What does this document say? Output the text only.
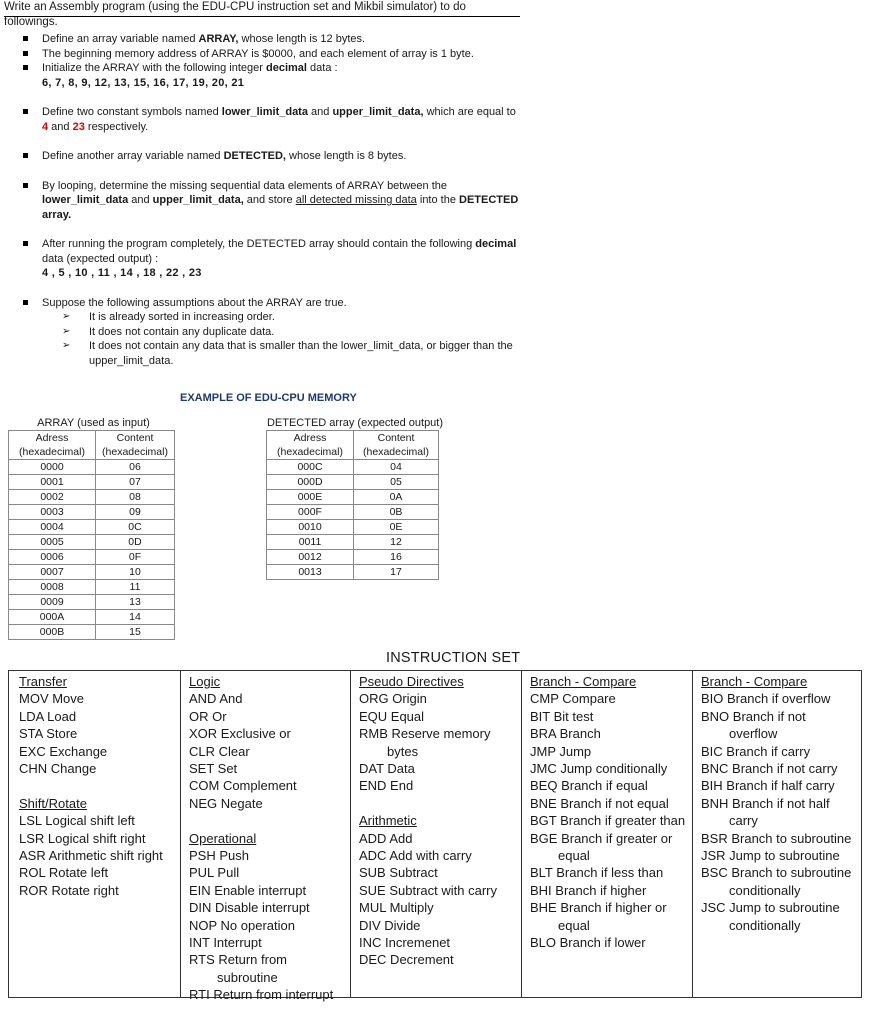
Write an Assembly program (using the EDU-CPU instruction set and Mikbil simulator) to do followings.
Define an array variable named ARRAY, whose length is 12 bytes.
The beginning memory address of ARRAY is $0000, and each element of array is 1 byte.
Initialize the ARRAY with the following integer decimal data :
6, 7, 8, 9, 12, 13, 15, 16, 17, 19, 20, 21
Define two constant symbols named lower_limit_data and upper_limit_data, which are equal to
4 and 23 respectively.
Define another array variable named DETECTED, whose length is 8 bytes.
By looping, determine the missing sequential data elements of ARRAY between the
lower_limit_data and upper_limit_data, and store all detected missing data into the DETECTED
array.
After running the program completely, the DETECTED array should contain the following decimal
data (expected output) :
4 , 5 , 10 , 11 , 14 , 18 , 22 , 23
Suppose the following assumptions about the ARRAY are true.
➢ It is already sorted in increasing order.
➢ It does not contain any duplicate data.
➢ It does not contain any data that is smaller than the lower_limit_data, or bigger than the
upper_limit_data.
EXAMPLE OF EDU-CPU MEMORY
ARRAY (used as input)
Adress	Content
(hexadecimal)	(hexadecimal)
0000	06
0001	07
0002	08
0003	09
0004	0C
0005	0D
0006	0F
0007	10
0008	11
0009	13
000A	14
000B	15
DETECTED array (expected output)
Adress	Content
(hexadecimal)	(hexadecimal)
000C	04
000D	05
000E	0A
000F	0B
0010	0E
0011	12
0012	16
0013	17
INSTRUCTION SET
Transfer
MOV Move
LDA Load
STA Store
EXC Exchange
CHN Change
Shift/Rotate
LSL Logical shift left
LSR Logical shift right
ASR Arithmetic shift right
ROL Rotate left
ROR Rotate right
Logic
AND And
OR Or
XOR Exclusive or
CLR Clear
SET Set
COM Complement
NEG Negate
Operational
PSH Push
PUL Pull
EIN Enable interrupt
DIN Disable interrupt
NOP No operation
INT Interrupt
RTS Return from
subroutine
RTI Return from interrupt
Pseudo Directives
ORG Origin
EQU Equal
RMB Reserve memory
bytes
DAT Data
END End
Arithmetic
ADD Add
ADC Add with carry
SUB Subtract
SUE Subtract with carry
MUL Multiply
DIV Divide
INC Incremenet
DEC Decrement
Branch - Compare
CMP Compare
BIT Bit test
BRA Branch
JMP Jump
JMC Jump conditionally
BEQ Branch if equal
BNE Branch if not equal
BGT Branch if greater than
BGE Branch if greater or
equal
BLT Branch if less than
BHI Branch if higher
BHE Branch if higher or
equal
BLO Branch if lower
Branch - Compare
BIO Branch if overflow
BNO Branch if not
overflow
BIC Branch if carry
BNC Branch if not carry
BIH Branch if half carry
BNH Branch if not half
carry
BSR Branch to subroutine
JSR Jump to subroutine
BSC Branch to subroutine
conditionally
JSC Jump to subroutine
conditionally
